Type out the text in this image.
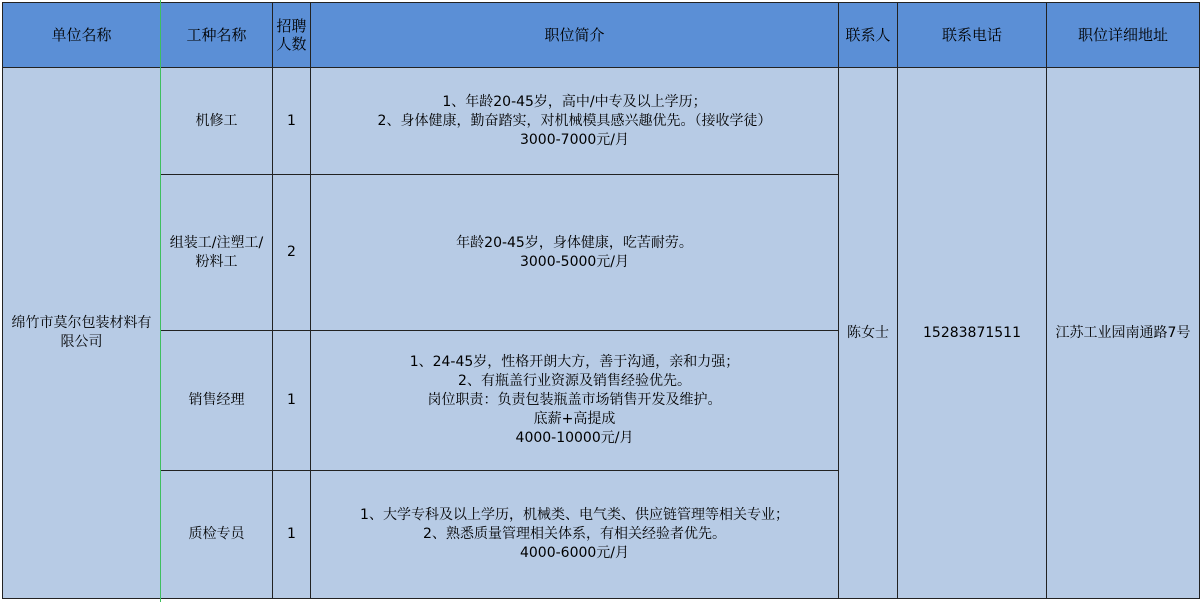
单位名称	工种名称	招聘人数	职位简介	联系人	联系电话	职位详细地址
绵竹市莫尔包装材料有限公司	机修工	1	1、年龄20-45岁，高中/中专及以上学历；
2、身体健康，勤奋踏实，对机械模具感兴趣优先。（接收学徒）
3000-7000元/月	陈女士	15283871511	江苏工业园南通路7号
	组装工/注塑工/粉料工	2	年龄20-45岁，身体健康，吃苦耐劳。
3000-5000元/月			
	销售经理	1	1、24-45岁，性格开朗大方，善于沟通，亲和力强；
2、有瓶盖行业资源及销售经验优先。
岗位职责：负责包装瓶盖市场销售开发及维护。
底薪+高提成
4000-10000元/月			
	质检专员	1	1、大学专科及以上学历，机械类、电气类、供应链管理等相关专业；
2、熟悉质量管理相关体系，有相关经验者优先。
4000-6000元/月			
